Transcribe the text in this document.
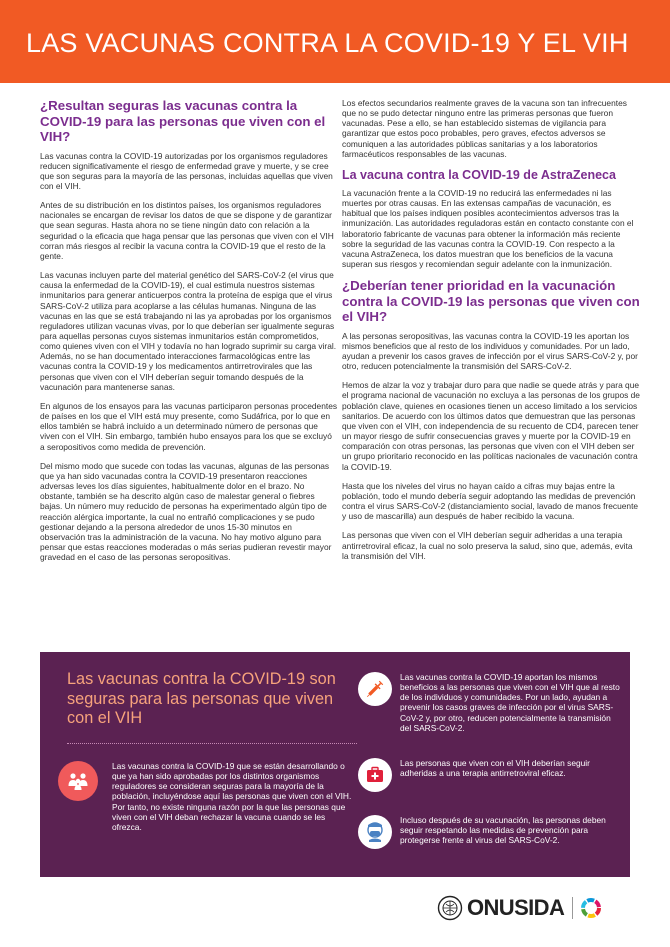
LAS VACUNAS CONTRA LA COVID-19 Y EL VIH
¿Resultan seguras las vacunas contra la COVID-19 para las personas que viven con el VIH?

Las vacunas contra la COVID-19 autorizadas por los organismos reguladores reducen significativamente el riesgo de enfermedad grave y muerte, y se cree que son seguras para la mayoría de las personas, incluidas aquellas que viven con el VIH.

Antes de su distribución en los distintos países, los organismos reguladores nacionales se encargan de revisar los datos de que se dispone y de garantizar que sean seguras. Hasta ahora no se tiene ningún dato con relación a la seguridad o la eficacia que haga pensar que las personas que viven con el VIH corran más riesgos al recibir la vacuna contra la COVID-19 que el resto de la gente.

Las vacunas incluyen parte del material genético del SARS-CoV-2 (el virus que causa la enfermedad de la COVID-19), el cual estimula nuestros sistemas inmunitarios para generar anticuerpos contra la proteína de espiga que el virus SARS-CoV-2 utiliza para acoplarse a las células humanas. Ninguna de las vacunas en las que se está trabajando ni las ya aprobadas por los organismos reguladores utilizan vacunas vivas, por lo que deberían ser igualmente seguras para aquellas personas cuyos sistemas inmunitarios están comprometidos, como quienes viven con el VIH y todavía no han logrado suprimir su carga viral. Además, no se han documentado interacciones farmacológicas entre las vacunas contra la COVID-19 y los medicamentos antirretrovirales que las personas que viven con el VIH deberían seguir tomando después de la vacunación para mantenerse sanas.

En algunos de los ensayos para las vacunas participaron personas procedentes de países en los que el VIH está muy presente, como Sudáfrica, por lo que en ellos también se habrá incluido a un determinado número de personas que viven con el VIH. Sin embargo, también hubo ensayos para los que se excluyó a seropositivos como medida de prevención.

Del mismo modo que sucede con todas las vacunas, algunas de las personas que ya han sido vacunadas contra la COVID-19 presentaron reacciones adversas leves los días siguientes, habitualmente dolor en el brazo. No obstante, también se ha descrito algún caso de malestar general o fiebres bajas. Un número muy reducido de personas ha experimentado algún tipo de reacción alérgica importante, la cual no entrañó complicaciones y se pudo gestionar dejando a la persona alrededor de unos 15-30 minutos en observación tras la administración de la vacuna. No hay motivo alguno para pensar que estas reacciones moderadas o más serias pudieran revestir mayor gravedad en el caso de las personas seropositivas.

Los efectos secundarios realmente graves de la vacuna son tan infrecuentes que no se pudo detectar ninguno entre las primeras personas que fueron vacunadas. Pese a ello, se han establecido sistemas de vigilancia para garantizar que estos poco probables, pero graves, efectos adversos se comuniquen a las autoridades públicas sanitarias y a los laboratorios farmacéuticos responsables de las vacunas.

La vacuna contra la COVID-19 de AstraZeneca

La vacunación frente a la COVID-19 no reducirá las enfermedades ni las muertes por otras causas. En las extensas campañas de vacunación, es habitual que los países indiquen posibles acontecimientos adversos tras la inmunización. Las autoridades reguladoras están en contacto constante con el laboratorio fabricante de vacunas para obtener la información más reciente sobre la seguridad de las vacunas contra la COVID-19. Con respecto a la vacuna AstraZeneca, los datos muestran que los beneficios de la vacuna superan sus riesgos y recomiendan seguir adelante con la inmunización.

¿Deberían tener prioridad en la vacunación contra la COVID-19 las personas que viven con el VIH?

A las personas seropositivas, las vacunas contra la COVID-19 les aportan los mismos beneficios que al resto de los individuos y comunidades. Por un lado, ayudan a prevenir los casos graves de infección por el virus SARS-CoV-2 y, por otro, reducen potencialmente la transmisión del SARS-CoV-2.

Hemos de alzar la voz y trabajar duro para que nadie se quede atrás y para que el programa nacional de vacunación no excluya a las personas de los grupos de población clave, quienes en ocasiones tienen un acceso limitado a los servicios sanitarios. De acuerdo con los últimos datos que demuestran que las personas que viven con el VIH, con independencia de su recuento de CD4, parecen tener un mayor riesgo de sufrir consecuencias graves y muerte por la COVID-19 en comparación con otras personas, las personas que viven con el VIH deben ser un grupo prioritario reconocido en las políticas nacionales de vacunación contra la COVID-19.

Hasta que los niveles del virus no hayan caído a cifras muy bajas entre la población, todo el mundo debería seguir adoptando las medidas de prevención contra el virus SARS-CoV-2 (distanciamiento social, lavado de manos frecuente y uso de mascarilla) aun después de haber recibido la vacuna.

Las personas que viven con el VIH deberían seguir adheridas a una terapia antirretroviral eficaz, la cual no solo preserva la salud, sino que, además, evita la transmisión del VIH.

Las vacunas contra la COVID-19 son seguras para las personas que viven con el VIH
Las vacunas contra la COVID-19 que se están desarrollando o que ya han sido aprobadas por los distintos organismos reguladores se consideran seguras para la mayoría de la población, incluyéndose aquí las personas que viven con el VIH. Por tanto, no existe ninguna razón por la que las personas que viven con el VIH deban rechazar la vacuna cuando se les ofrezca.
Las vacunas contra la COVID-19 aportan los mismos beneficios a las personas que viven con el VIH que al resto de los individuos y comunidades. Por un lado, ayudan a prevenir los casos graves de infección por el virus SARS-CoV-2 y, por otro, reducen potencialmente la transmisión del SARS-CoV-2.
Las personas que viven con el VIH deberían seguir adheridas a una terapia antirretroviral eficaz.
Incluso después de su vacunación, las personas deben seguir respetando las medidas de prevención para protegerse frente al virus del SARS-CoV-2.
ONUSIDA
